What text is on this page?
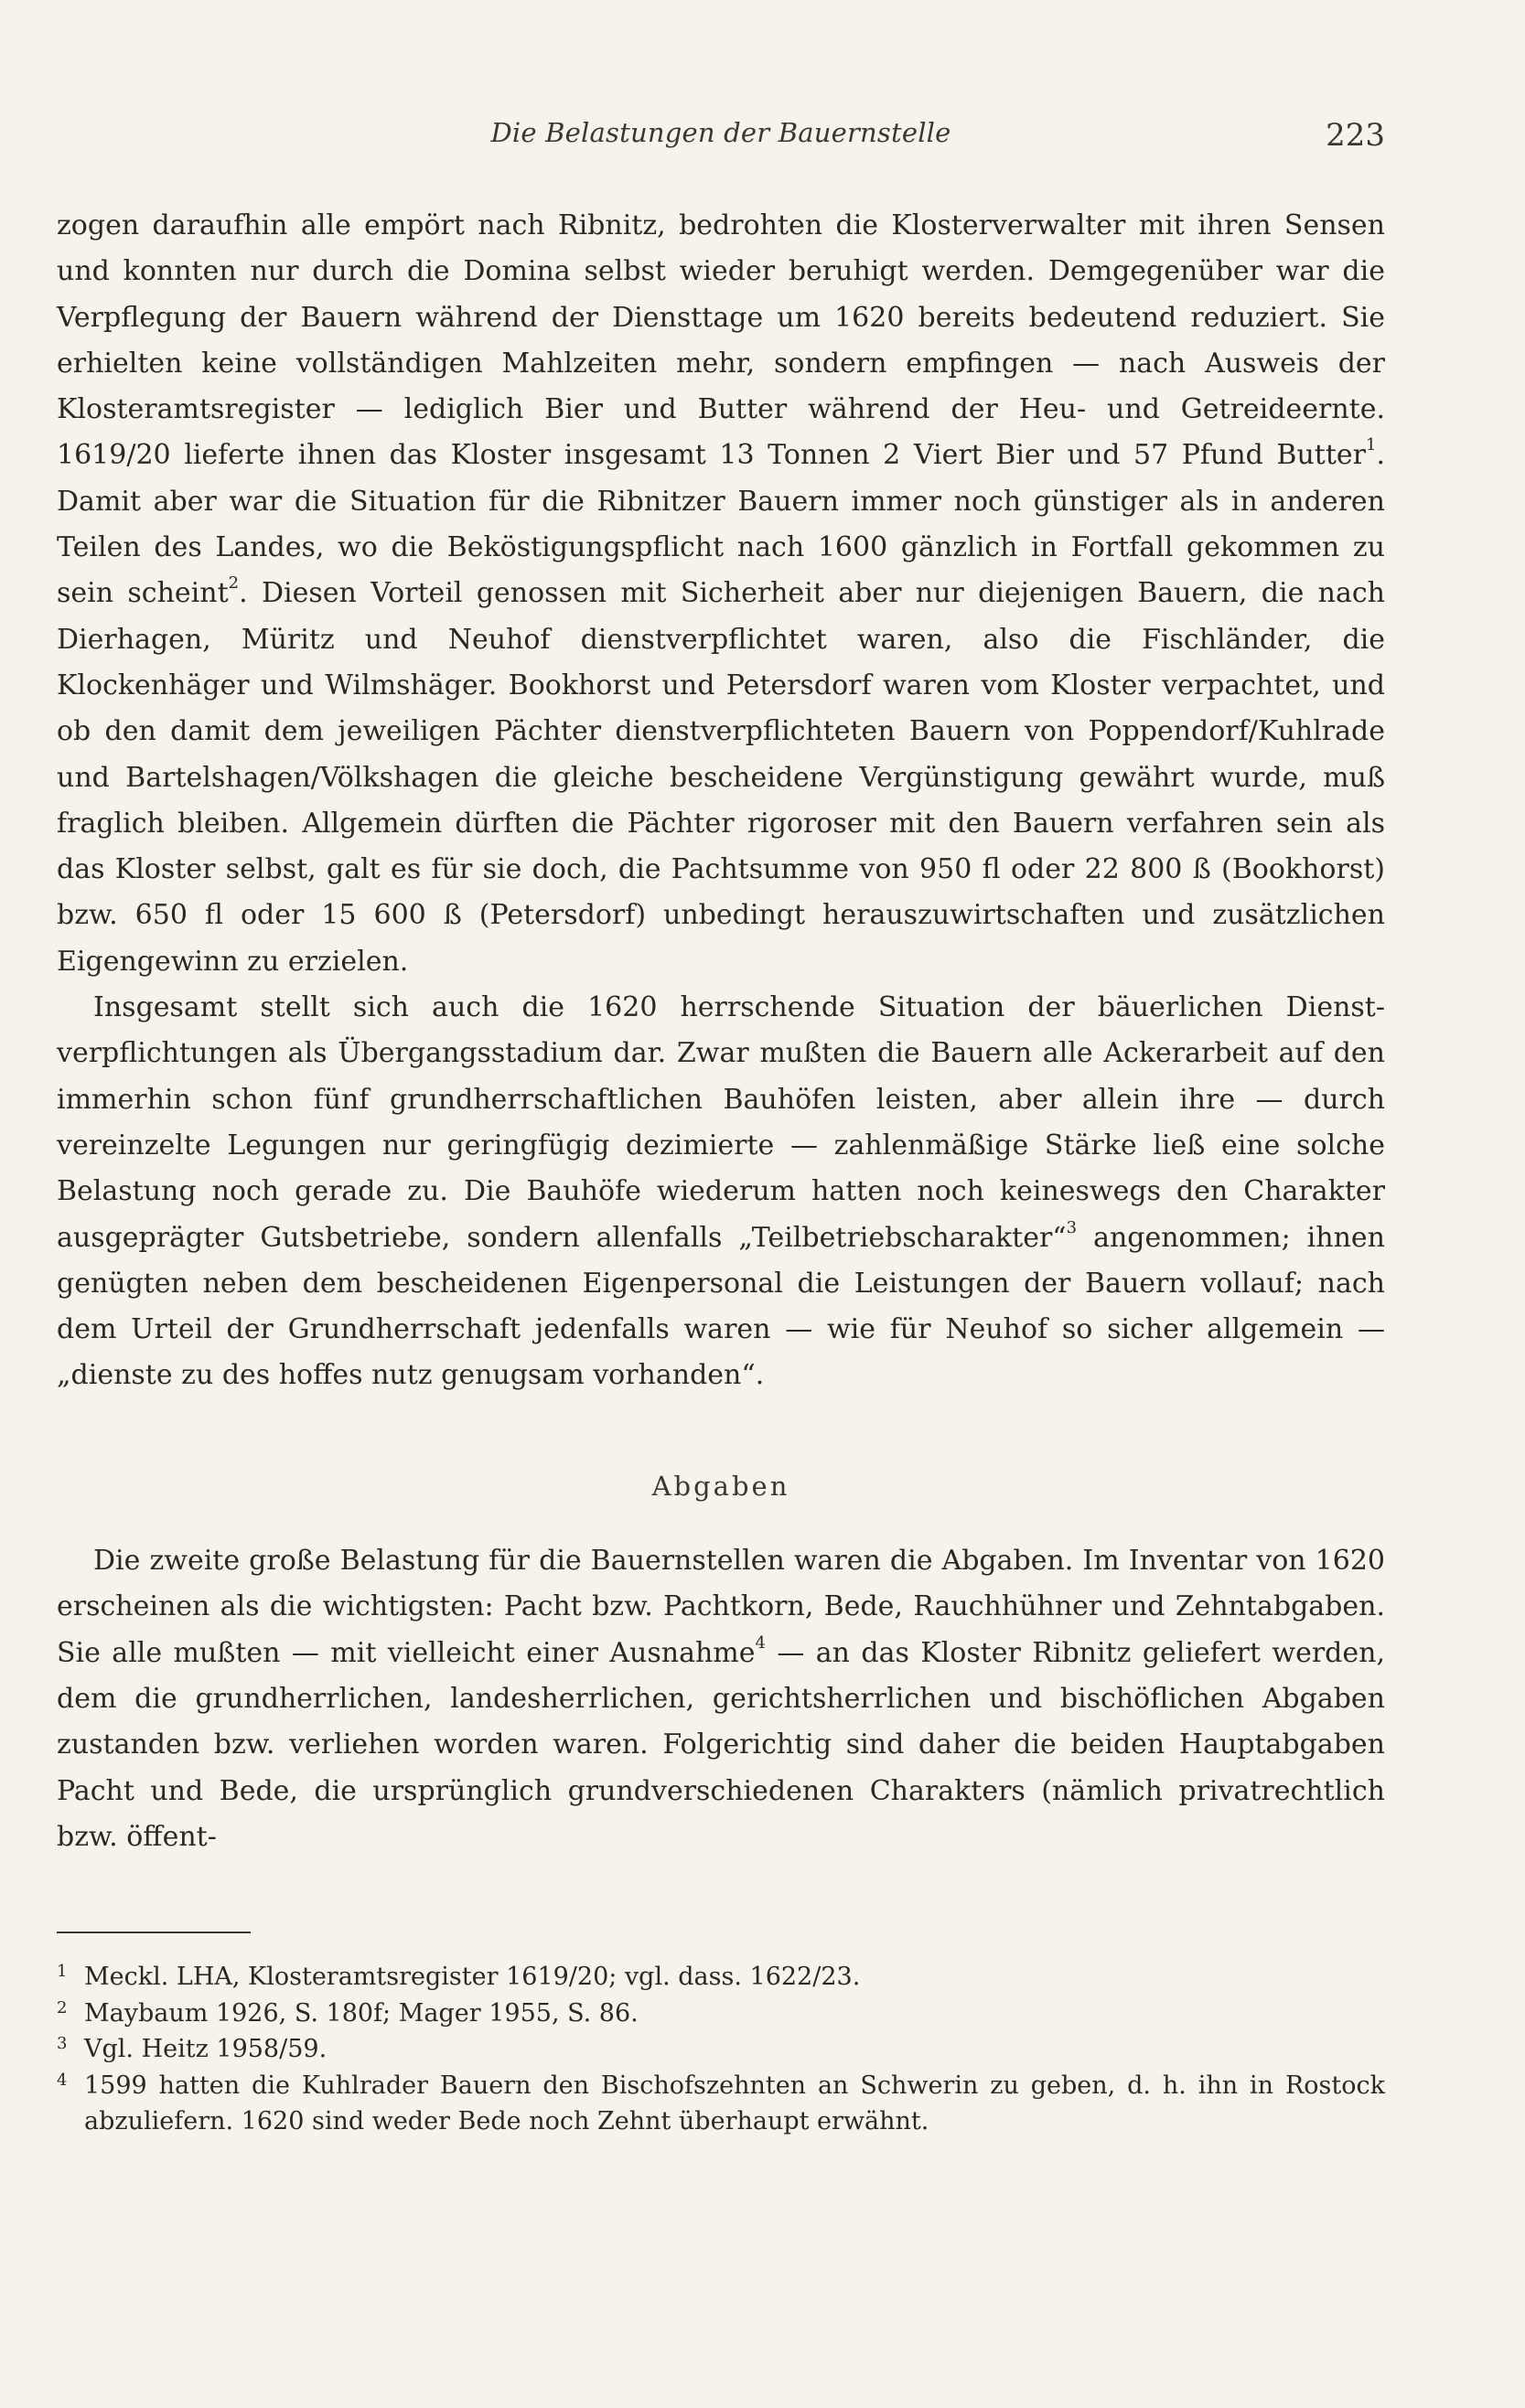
Die Belastungen der Bauernstelle	223

zogen daraufhin alle empört nach Ribnitz, bedrohten die Klosterverwalter mit ihren Sensen und konnten nur durch die Domina selbst wieder beruhigt werden. Demgegenüber war die Verpflegung der Bauern während der Diensttage um 1620 bereits bedeutend reduziert. Sie erhielten keine vollständigen Mahlzeiten mehr, sondern empfingen — nach Ausweis der Klosteramtsregister — lediglich Bier und Butter während der Heu- und Getreideernte. 1619/20 lieferte ihnen das Kloster insgesamt 13 Tonnen 2 Viert Bier und 57 Pfund Butter$^1$. Damit aber war die Situation für die Ribnitzer Bauern immer noch günstiger als in anderen Teilen des Landes, wo die Beköstigungspflicht nach 1600 gänzlich in Fortfall gekommen zu sein scheint$^2$. Diesen Vorteil genossen mit Sicherheit aber nur diejenigen Bauern, die nach Dierhagen, Müritz und Neuhof dienstverpflichtet waren, also die Fischländer, die Klockenhäger und Wilmshäger. Bookhorst und Petersdorf waren vom Kloster verpachtet, und ob den damit dem jeweiligen Pächter dienstverpflichteten Bauern von Poppendorf/Kuhlrade und Bartelshagen/Völkshagen die gleiche bescheidene Vergünstigung gewährt wurde, muß fraglich bleiben. Allgemein dürften die Pächter rigoroser mit den Bauern verfahren sein als das Kloster selbst, galt es für sie doch, die Pachtsumme von 950 fl oder 22 800 ß (Bookhorst) bzw. 650 fl oder 15 600 ß (Petersdorf) unbedingt herauszuwirtschaften und zusätzlichen Eigengewinn zu erzielen.

Insgesamt stellt sich auch die 1620 herrschende Situation der bäuerlichen Dienstverpflichtungen als Übergangsstadium dar. Zwar mußten die Bauern alle Ackerarbeit auf den immerhin schon fünf grundherrschaftlichen Bauhöfen leisten, aber allein ihre — durch vereinzelte Legungen nur geringfügig dezimierte — zahlenmäßige Stärke ließ eine solche Belastung noch gerade zu. Die Bauhöfe wiederum hatten noch keineswegs den Charakter ausgeprägter Gutsbetriebe, sondern allenfalls „Teilbetriebscharakter“$^3$ angenommen; ihnen genügten neben dem bescheidenen Eigenpersonal die Leistungen der Bauern vollauf; nach dem Urteil der Grundherrschaft jedenfalls waren — wie für Neuhof so sicher allgemein — „dienste zu des hoffes nutz genugsam vorhanden“.

Abgaben

Die zweite große Belastung für die Bauernstellen waren die Abgaben. Im Inventar von 1620 erscheinen als die wichtigsten: Pacht bzw. Pachtkorn, Bede, Rauchhühner und Zehntabgaben. Sie alle mußten — mit vielleicht einer Ausnahme$^4$ — an das Kloster Ribnitz geliefert werden, dem die grundherrlichen, landesherrlichen, gerichtsherrlichen und bischöflichen Abgaben zustanden bzw. verliehen worden waren. Folgerichtig sind daher die beiden Hauptabgaben Pacht und Bede, die ursprünglich grundverschiedenen Charakters (nämlich privatrechtlich bzw. öffent-

1 Meckl. LHA, Klosteramtsregister 1619/20; vgl. dass. 1622/23.
2 Maybaum 1926, S. 180f; Mager 1955, S. 86.
3 Vgl. Heitz 1958/59.
4 1599 hatten die Kuhlrader Bauern den Bischofszehnten an Schwerin zu geben, d. h. ihn in Rostock abzuliefern. 1620 sind weder Bede noch Zehnt überhaupt erwähnt.
